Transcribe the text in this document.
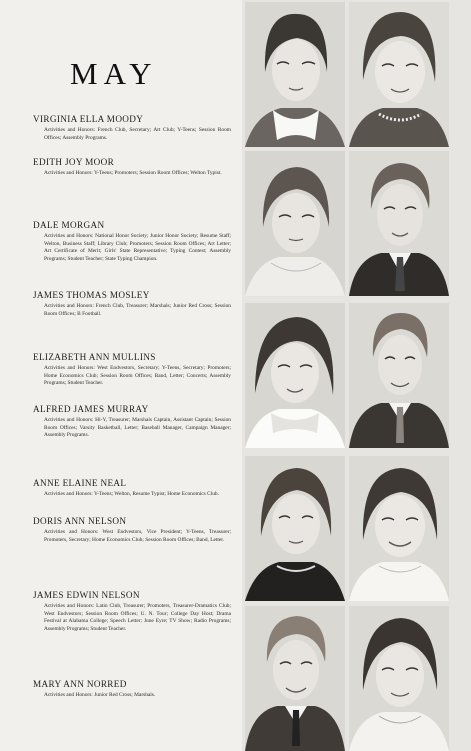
MAY
VIRGINIA ELLA MOODY
Activities and Honors: French Club, Secretary; Art Club; Y-Teens; Session Room Offices; Assembly Programs.
EDITH JOY MOOR
Activities and Honors: Y-Teens; Promoters; Session Room Offices; Welton Typist.
DALE MORGAN
Activities and Honors: National Honor Society; Junior Honor Society; Resume Staff; Welton, Business Staff; Library Club; Promoters; Session Room Offices; Art Letter; Art Certificate of Merit; Girls' State Representative; Typing Contest; Assembly Programs; Student Teacher; State Typing Champion.
JAMES THOMAS MOSLEY
Activities and Honors: French Club, Treasurer; Marshals; Junior Red Cross; Session Room Offices; B Football.
ELIZABETH ANN MULLINS
Activities and Honors: West Endvestors, Secretary; Y-Teens, Secretary; Promoters; Home Economics Club; Session Room Offices; Band, Letter; Concerts; Assembly Programs; Student Teacher.
ALFRED JAMES MURRAY
Activities and Honors: Hi-Y, Treasurer; Marshals Captain, Assistant Captain; Session Room Offices; Varsity Basketball, Letter; Baseball Manager, Campaign Manager; Assembly Programs.
ANNE ELAINE NEAL
Activities and Honors: Y-Teens; Welton, Resume Typist; Home Economics Club.
DORIS ANN NELSON
Activities and Honors: West Endvestors, Vice President; Y-Teens, Treasurer; Promoters, Secretary; Home Economics Club; Session Room Offices; Band, Letter.
JAMES EDWIN NELSON
Activities and Honors: Latin Club, Treasurer; Promoters, Treasurer-Dramatics Club; West Endvestors; Session Room Offices; U. N. Tour; College Day Host; Drama Festival at Alabama College; Speech Letter; June Eyre; TV Show; Radio Programs; Assembly Programs; Student Teacher.
MARY ANN NORRED
Activities and Honors: Junior Red Cross; Marshals.
